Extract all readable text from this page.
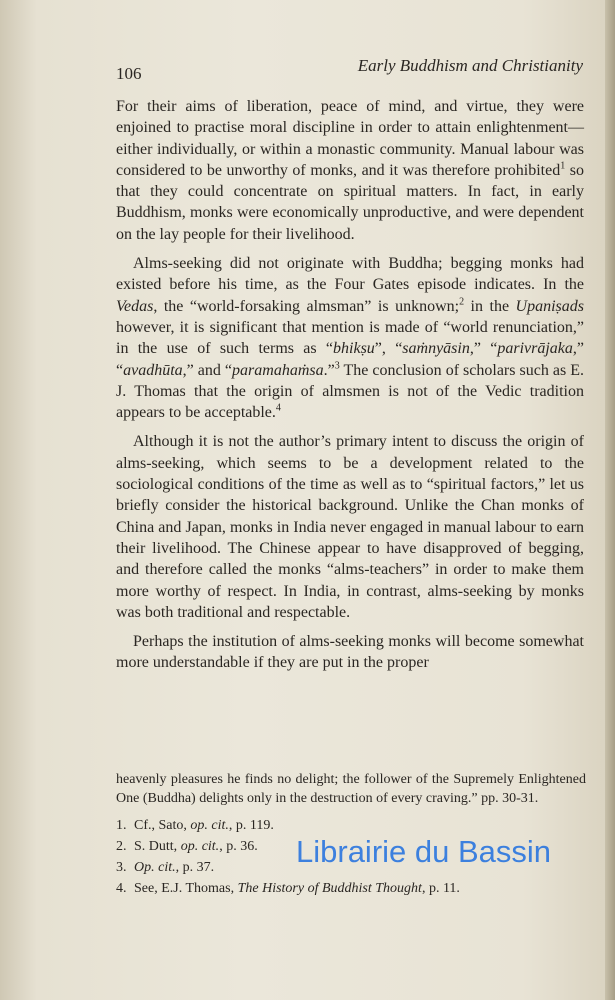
106	Early Buddhism and Christianity

For their aims of liberation, peace of mind, and virtue, they were enjoined to practise moral discipline in order to attain enlightenment—either individually, or within a monastic community. Manual labour was considered to be unworthy of monks, and it was therefore prohibited$^1$ so that they could concentrate on spiritual matters. In fact, in early Buddhism, monks were economically unproductive, and were dependent on the lay people for their livelihood.

Alms-seeking did not originate with Buddha; begging monks had existed before his time, as the Four Gates episode indicates. In the Vedas, the “world-forsaking almsman” is unknown;$^2$ in the Upaniṣads however, it is significant that mention is made of “world renunciation,” in the use of such terms as “bhikṣu”, “saṁnyāsin,” “parivrājaka,” “avadhūta,” and “paramahaṁsa.”$^3$ The conclusion of scholars such as E. J. Thomas that the origin of almsmen is not of the Vedic tradition appears to be acceptable.$^4$

Although it is not the author’s primary intent to discuss the origin of alms-seeking, which seems to be a development related to the sociological conditions of the time as well as to “spiritual factors,” let us briefly consider the historical background. Unlike the Chan monks of China and Japan, monks in India never engaged in manual labour to earn their livelihood. The Chinese appear to have disapproved of begging, and therefore called the monks “alms-teachers” in order to make them more worthy of respect. In India, in contrast, alms-seeking by monks was both traditional and respectable.

Perhaps the institution of alms-seeking monks will become somewhat more understandable if they are put in the proper

heavenly pleasures he finds no delight; the follower of the Supremely Enlightened One (Buddha) delights only in the destruction of every craving.” pp. 30-31.
1. Cf., Sato, op. cit., p. 119.
2. S. Dutt, op. cit., p. 36.
3. Op. cit., p. 37.
4. See, E.J. Thomas, The History of Buddhist Thought, p. 11.
Librairie du Bassin
